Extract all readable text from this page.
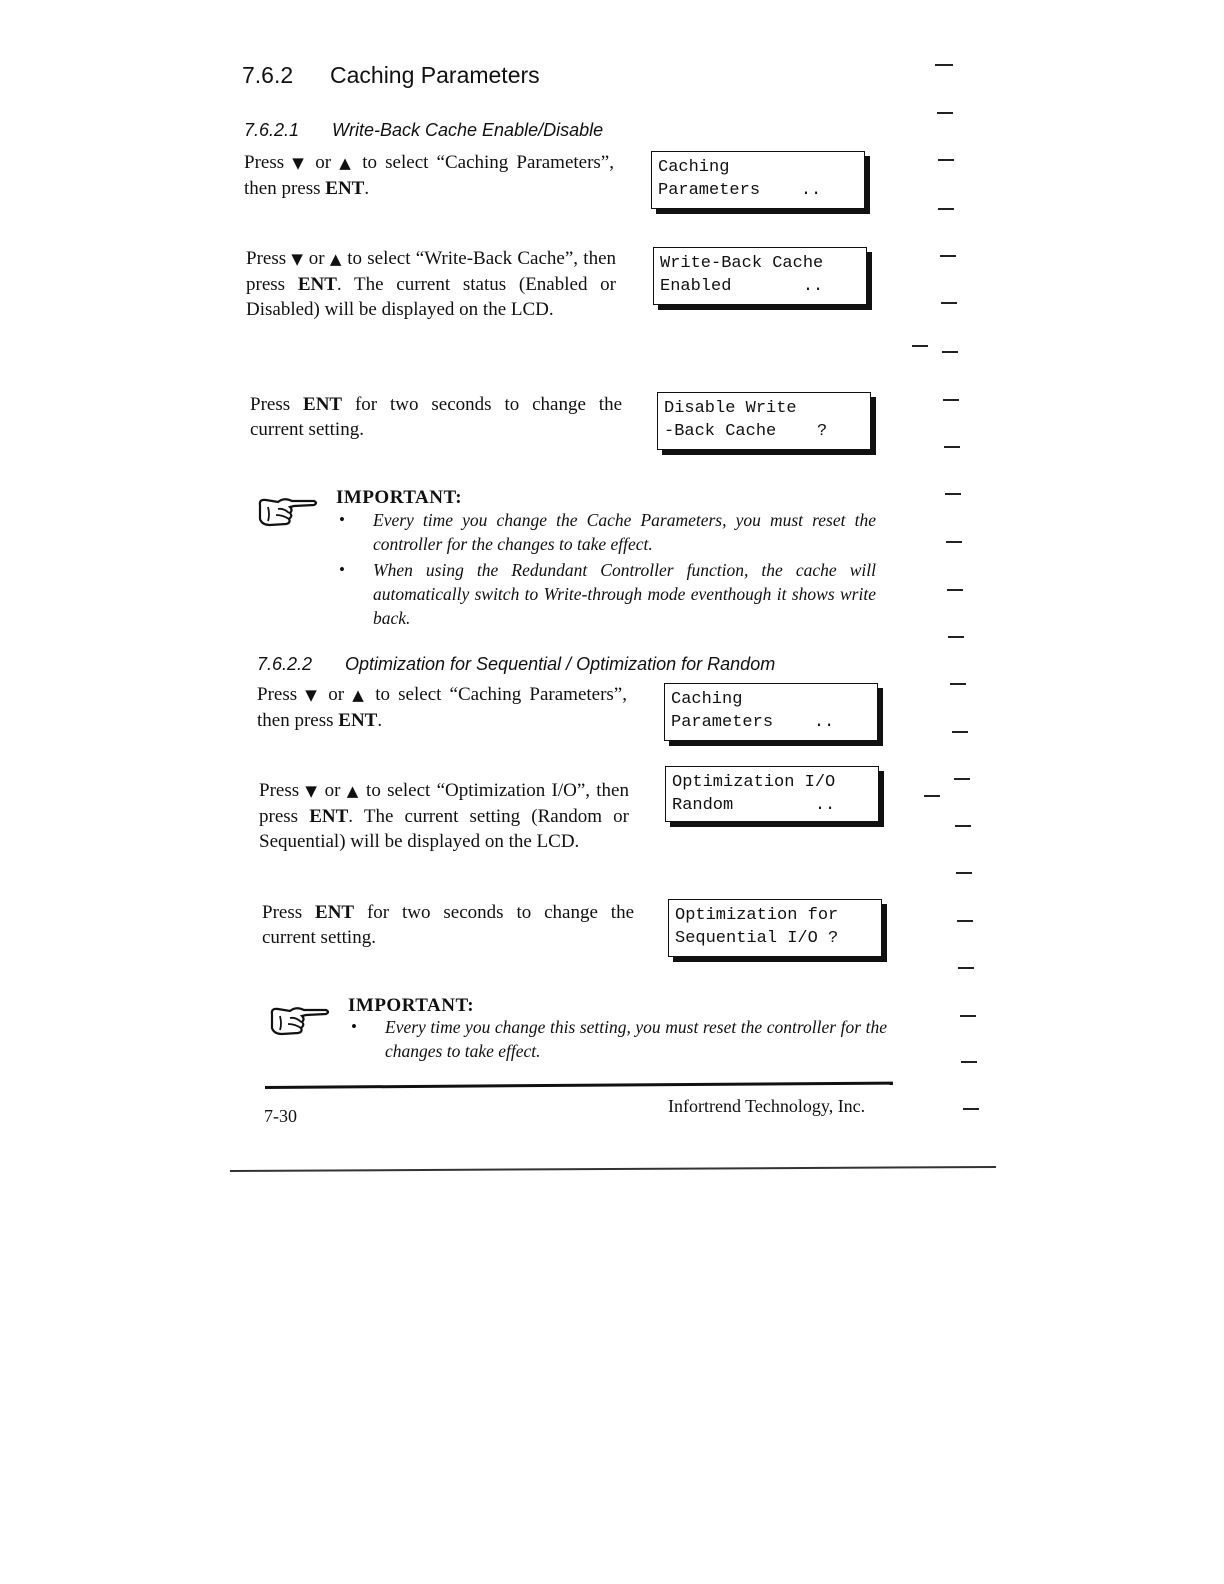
7.6.2 Caching Parameters
7.6.2.1 Write-Back Cache Enable/Disable
Press ▼ or ▲ to select “Caching Parameters”, then press ENT.
Caching
Parameters    ..
Press ▼ or ▲ to select “Write-Back Cache”, then press ENT. The current status (Enabled or Disabled) will be displayed on the LCD.
Write-Back Cache
Enabled       ..
Press ENT for two seconds to change the current setting.
Disable Write
-Back Cache    ?
IMPORTANT:
• Every time you change the Cache Parameters, you must reset the controller for the changes to take effect.
• When using the Redundant Controller function, the cache will automatically switch to Write-through mode eventhough it shows write back.
7.6.2.2 Optimization for Sequential / Optimization for Random
Press ▼ or ▲ to select “Caching Parameters”, then press ENT.
Caching
Parameters    ..
Press ▼ or ▲ to select “Optimization I/O”, then press ENT. The current setting (Random or Sequential) will be displayed on the LCD.
Optimization I/O
Random        ..
Press ENT for two seconds to change the current setting.
Optimization for
Sequential I/O ?
IMPORTANT:
• Every time you change this setting, you must reset the controller for the changes to take effect.
7-30	Infortrend Technology, Inc.
